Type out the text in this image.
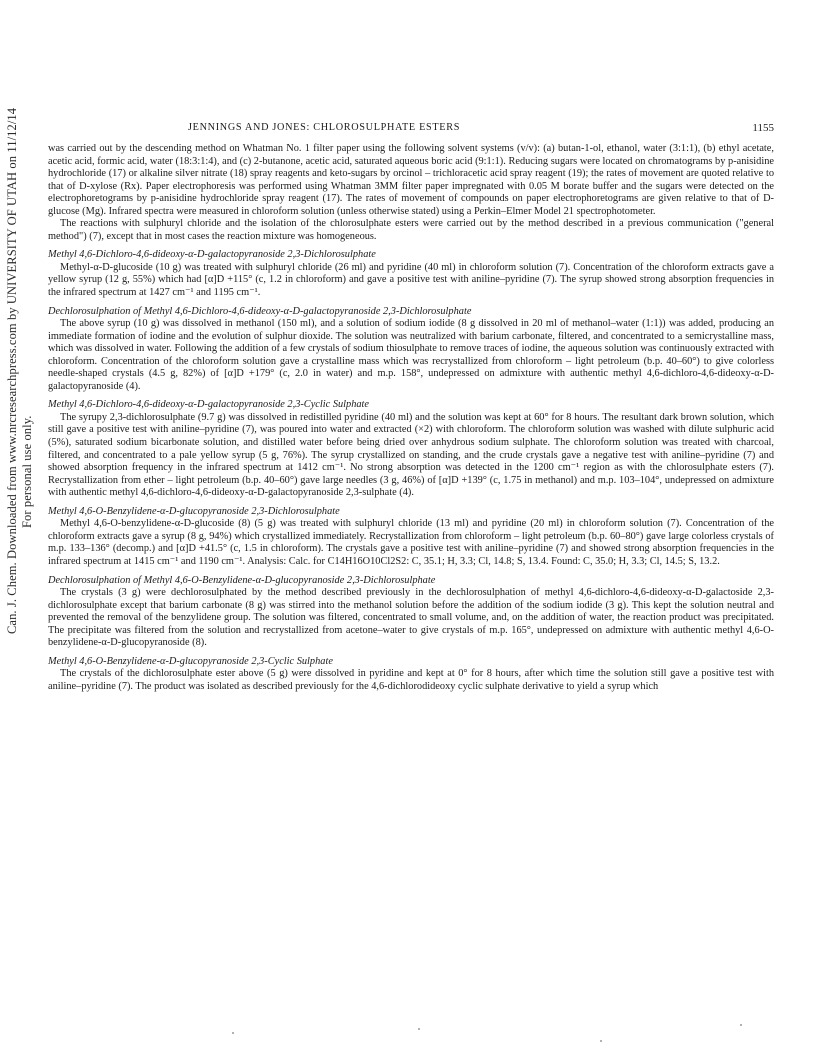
Can. J. Chem. Downloaded from www.nrcresearchpress.com by UNIVERSITY OF UTAH on 11/12/14 For personal use only.
JENNINGS AND JONES: CHLOROSULPHATE ESTERS	1155

was carried out by the descending method on Whatman No. 1 filter paper using the following solvent systems (v/v): (a) butan-1-ol, ethanol, water (3:1:1), (b) ethyl acetate, acetic acid, formic acid, water (18:3:1:4), and (c) 2-butanone, acetic acid, saturated aqueous boric acid (9:1:1). Reducing sugars were located on chromatograms by p-anisidine hydrochloride (17) or alkaline silver nitrate (18) spray reagents and keto-sugars by orcinol – trichloracetic acid spray reagent (19); the rates of movement are quoted relative to that of D-xylose (Rx). Paper electrophoresis was performed using Whatman 3MM filter paper impregnated with 0.05 M borate buffer and the sugars were detected on the electrophoretograms by p-anisidine hydrochloride spray reagent (17). The rates of movement of compounds on paper electrophoretograms are given relative to that of D-glucose (Mg). Infrared spectra were measured in chloroform solution (unless otherwise stated) using a Perkin–Elmer Model 21 spectrophotometer.

The reactions with sulphuryl chloride and the isolation of the chlorosulphate esters were carried out by the method described in a previous communication ("general method") (7), except that in most cases the reaction mixture was homogeneous.

Methyl 4,6-Dichloro-4,6-dideoxy-α-D-galactopyranoside 2,3-Dichlorosulphate

Methyl-α-D-glucoside (10 g) was treated with sulphuryl chloride (26 ml) and pyridine (40 ml) in chloroform solution (7). Concentration of the chloroform extracts gave a yellow syrup (12 g, 55%) which had [α]D +115° (c, 1.2 in chloroform) and gave a positive test with aniline–pyridine (7). The syrup showed strong absorption frequencies in the infrared spectrum at 1427 cm⁻¹ and 1195 cm⁻¹.

Dechlorosulphation of Methyl 4,6-Dichloro-4,6-dideoxy-α-D-galactopyranoside 2,3-Dichlorosulphate

The above syrup (10 g) was dissolved in methanol (150 ml), and a solution of sodium iodide (8 g dissolved in 20 ml of methanol–water (1:1)) was added, producing an immediate formation of iodine and the evolution of sulphur dioxide. The solution was neutralized with barium carbonate, filtered, and concentrated to a semicrystalline mass, which was dissolved in water. Following the addition of a few crystals of sodium thiosulphate to remove traces of iodine, the aqueous solution was continuously extracted with chloroform. Concentration of the chloroform solution gave a crystalline mass which was recrystallized from chloroform – light petroleum (b.p. 40–60°) to give colorless needle-shaped crystals (4.5 g, 82%) of [α]D +179° (c, 2.0 in water) and m.p. 158°, undepressed on admixture with authentic methyl 4,6-dichloro-4,6-dideoxy-α-D-galactopyranoside (4).

Methyl 4,6-Dichloro-4,6-dideoxy-α-D-galactopyranoside 2,3-Cyclic Sulphate

The syrupy 2,3-dichlorosulphate (9.7 g) was dissolved in redistilled pyridine (40 ml) and the solution was kept at 60° for 8 hours. The resultant dark brown solution, which still gave a positive test with aniline–pyridine (7), was poured into water and extracted (×2) with chloroform. The chloroform solution was washed with dilute sulphuric acid (5%), saturated sodium bicarbonate solution, and distilled water before being dried over anhydrous sodium sulphate. The chloroform solution was treated with charcoal, filtered, and concentrated to a pale yellow syrup (5 g, 76%). The syrup crystallized on standing, and the crude crystals gave a negative test with aniline–pyridine (7) and showed absorption frequency in the infrared spectrum at 1412 cm⁻¹. No strong absorption was detected in the 1200 cm⁻¹ region as with the chlorosulphate esters (7). Recrystallization from ether – light petroleum (b.p. 40–60°) gave large needles (3 g, 46%) of [α]D +139° (c, 1.75 in methanol) and m.p. 103–104°, undepressed on admixture with authentic methyl 4,6-dichloro-4,6-dideoxy-α-D-galactopyranoside 2,3-sulphate (4).

Methyl 4,6-O-Benzylidene-α-D-glucopyranoside 2,3-Dichlorosulphate

Methyl 4,6-O-benzylidene-α-D-glucoside (8) (5 g) was treated with sulphuryl chloride (13 ml) and pyridine (20 ml) in chloroform solution (7). Concentration of the chloroform extracts gave a syrup (8 g, 94%) which crystallized immediately. Recrystallization from chloroform – light petroleum (b.p. 60–80°) gave large colorless crystals of m.p. 133–136° (decomp.) and [α]D +41.5° (c, 1.5 in chloroform). The crystals gave a positive test with aniline–pyridine (7) and showed strong absorption frequencies in the infrared spectrum at 1415 cm⁻¹ and 1190 cm⁻¹. Analysis: Calc. for C14H16O10Cl2S2: C, 35.1; H, 3.3; Cl, 14.8; S, 13.4. Found: C, 35.0; H, 3.3; Cl, 14.5; S, 13.2.

Dechlorosulphation of Methyl 4,6-O-Benzylidene-α-D-glucopyranoside 2,3-Dichlorosulphate

The crystals (3 g) were dechlorosulphated by the method described previously in the dechlorosulphation of methyl 4,6-dichloro-4,6-dideoxy-α-D-galactoside 2,3-dichlorosulphate except that barium carbonate (8 g) was stirred into the methanol solution before the addition of the sodium iodide (3 g). This kept the solution neutral and prevented the removal of the benzylidene group. The solution was filtered, concentrated to small volume, and, on the addition of water, the reaction product was precipitated. The precipitate was filtered from the solution and recrystallized from acetone–water to give crystals of m.p. 165°, undepressed on admixture with authentic methyl 4,6-O-benzylidene-α-D-glucopyranoside (8).

Methyl 4,6-O-Benzylidene-α-D-glucopyranoside 2,3-Cyclic Sulphate

The crystals of the dichlorosulphate ester above (5 g) were dissolved in pyridine and kept at 0° for 8 hours, after which time the solution still gave a positive test with aniline–pyridine (7). The product was isolated as described previously for the 4,6-dichlorodideoxy cyclic sulphate derivative to yield a syrup which
